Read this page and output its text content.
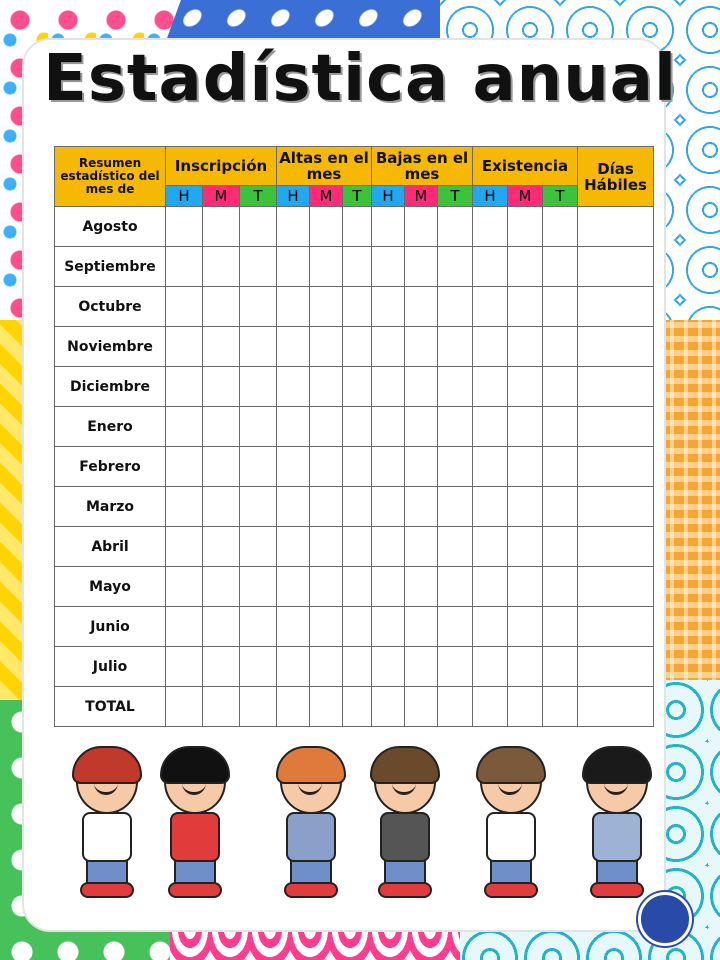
Estadística anual
Resumen estadístico del mes de	Inscripción			Altas en el mes			Bajas en el mes			Existencia			Días Hábiles
	H	M	T	H	M	T	H	M	T	H	M	T	
Agosto													
Septiembre													
Octubre													
Noviembre													
Diciembre													
Enero													
Febrero													
Marzo													
Abril													
Mayo													
Junio													
Julio													
TOTAL													
